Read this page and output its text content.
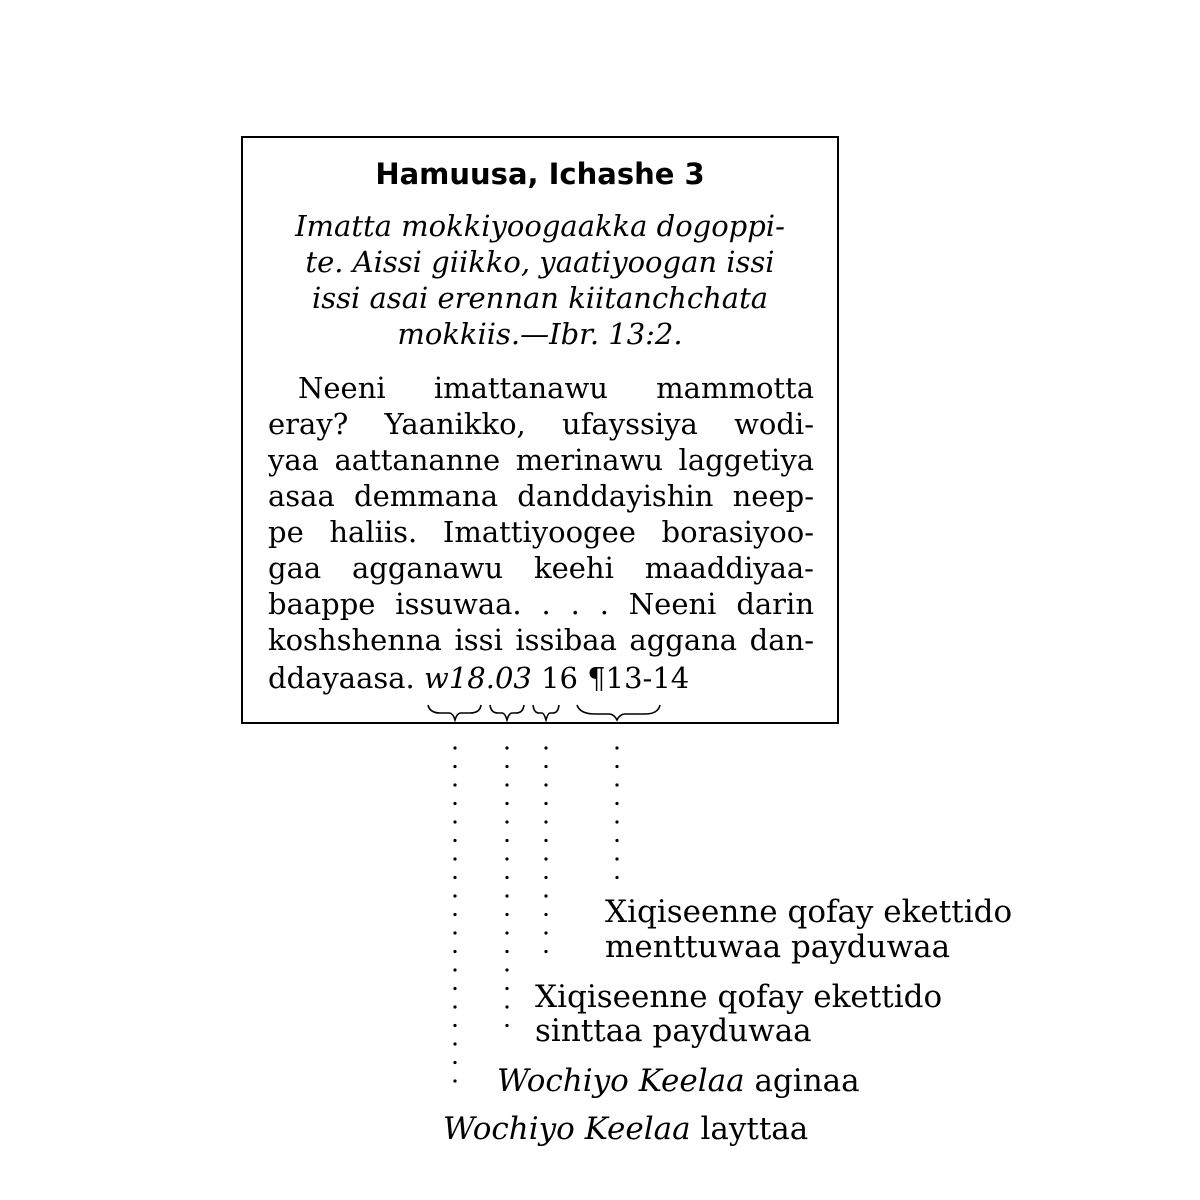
Hamuusa, Ichashe 3
Imatta mokkiyoogaakka dogoppi-
te. Aissi giikko, yaatiyoogan issi
issi asai erennan kiitanchchata
mokkiis.—Ibr. 13:2.
Neeni imattanawu mammotta
eray? Yaanikko, ufayssiya wodi-
yaa aattananne merinawu laggetiya
asaa demmana danddayishin neep-
pe haliis. Imattiyoogee borasiyoo-
gaa agganawu keehi maaddiyaa-
baappe issuwaa. . . . Neeni darin
koshshenna issi issibaa aggana dan-
ddayaasa. w18.03 16 ¶13-14
Xiqiseenne qofay ekettido
menttuwaa payduwaa
Xiqiseenne qofay ekettido
sinttaa payduwaa
Wochiyo Keelaa aginaa
Wochiyo Keelaa layttaa
